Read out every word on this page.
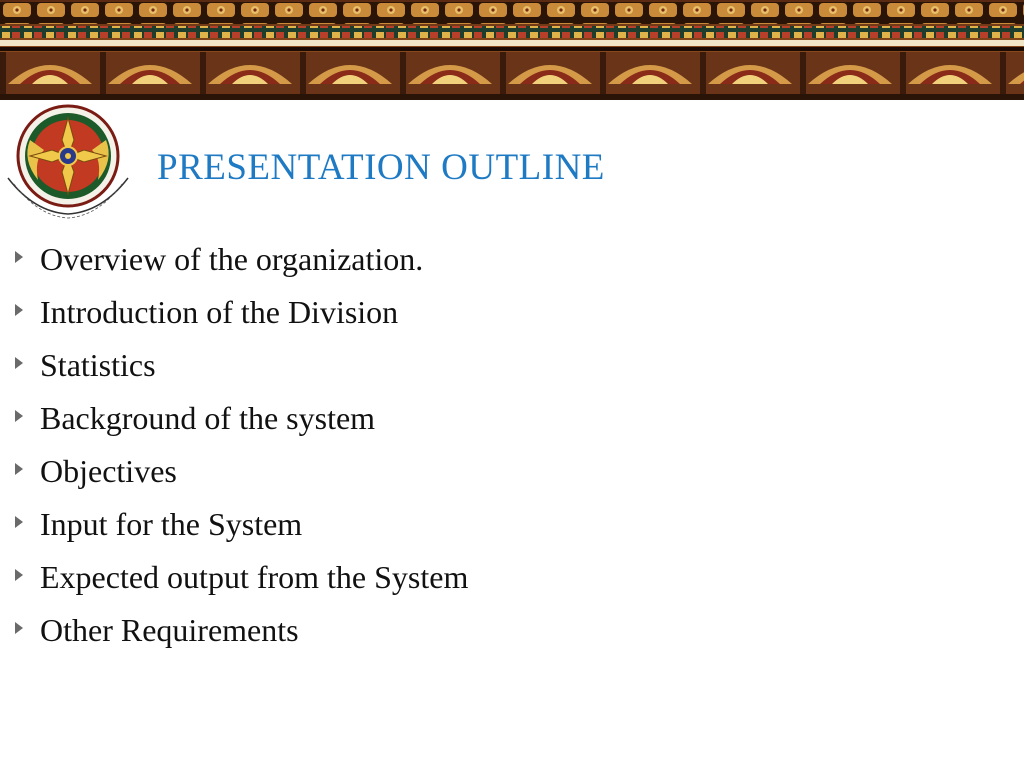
PRESENTATION OUTLINE
Overview of the organization.
Introduction of the Division
Statistics
Background of the system
Objectives
Input for the System
Expected output from the System
Other Requirements
